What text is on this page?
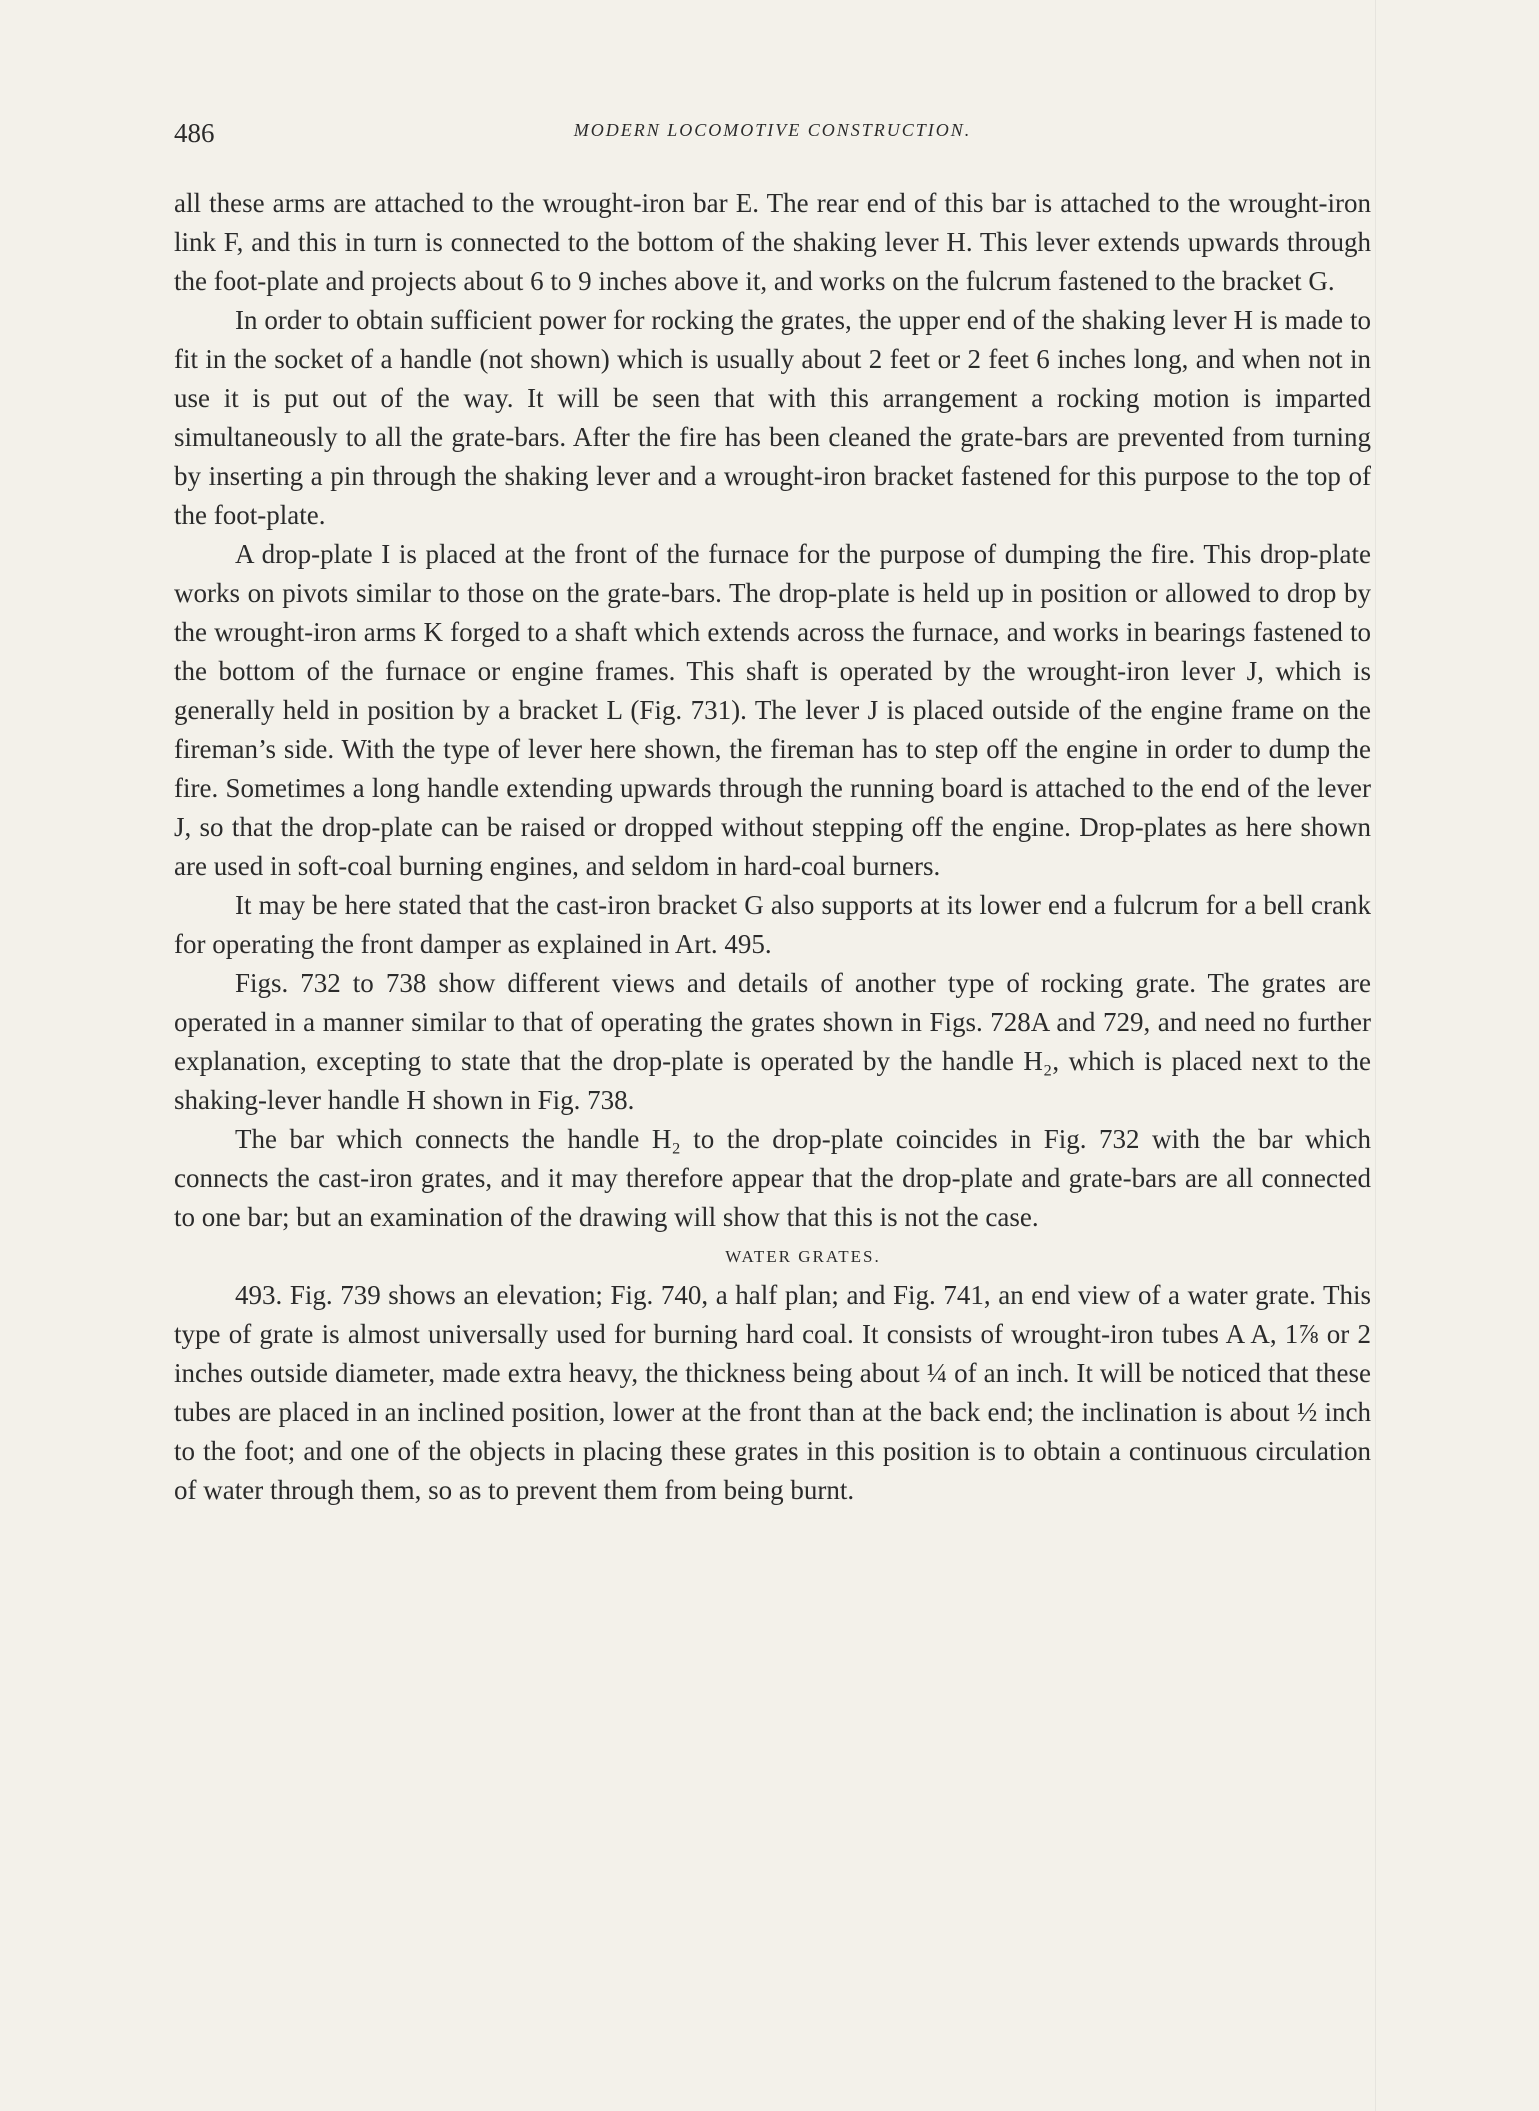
486	MODERN LOCOMOTIVE CONSTRUCTION.

all these arms are attached to the wrought-iron bar E. The rear end of this bar is attached to the wrought-iron link F, and this in turn is connected to the bottom of the shaking lever H. This lever extends upwards through the foot-plate and projects about 6 to 9 inches above it, and works on the fulcrum fastened to the bracket G.

In order to obtain sufficient power for rocking the grates, the upper end of the shaking lever H is made to fit in the socket of a handle (not shown) which is usually about 2 feet or 2 feet 6 inches long, and when not in use it is put out of the way. It will be seen that with this arrangement a rocking motion is imparted simultaneously to all the grate-bars. After the fire has been cleaned the grate-bars are prevented from turning by inserting a pin through the shaking lever and a wrought-iron bracket fastened for this purpose to the top of the foot-plate.

A drop-plate I is placed at the front of the furnace for the purpose of dumping the fire. This drop-plate works on pivots similar to those on the grate-bars. The drop-plate is held up in position or allowed to drop by the wrought-iron arms K forged to a shaft which extends across the furnace, and works in bearings fastened to the bottom of the furnace or engine frames. This shaft is operated by the wrought-iron lever J, which is generally held in position by a bracket L (Fig. 731). The lever J is placed outside of the engine frame on the fireman’s side. With the type of lever here shown, the fireman has to step off the engine in order to dump the fire. Sometimes a long handle extending upwards through the running board is attached to the end of the lever J, so that the drop-plate can be raised or dropped without stepping off the engine. Drop-plates as here shown are used in soft-coal burning engines, and seldom in hard-coal burners.

It may be here stated that the cast-iron bracket G also supports at its lower end a fulcrum for a bell crank for operating the front damper as explained in Art. 495.

Figs. 732 to 738 show different views and details of another type of rocking grate. The grates are operated in a manner similar to that of operating the grates shown in Figs. 728A and 729, and need no further explanation, excepting to state that the drop-plate is operated by the handle H₂, which is placed next to the shaking-lever handle H shown in Fig. 738.

The bar which connects the handle H₂ to the drop-plate coincides in Fig. 732 with the bar which connects the cast-iron grates, and it may therefore appear that the drop-plate and grate-bars are all connected to one bar; but an examination of the drawing will show that this is not the case.

WATER GRATES.

493. Fig. 739 shows an elevation; Fig. 740, a half plan; and Fig. 741, an end view of a water grate. This type of grate is almost universally used for burning hard coal. It consists of wrought-iron tubes A A, 1⅞ or 2 inches outside diameter, made extra heavy, the thickness being about ¼ of an inch. It will be noticed that these tubes are placed in an inclined position, lower at the front than at the back end; the inclination is about ½ inch to the foot; and one of the objects in placing these grates in this position is to obtain a continuous circulation of water through them, so as to prevent them from being burnt.
